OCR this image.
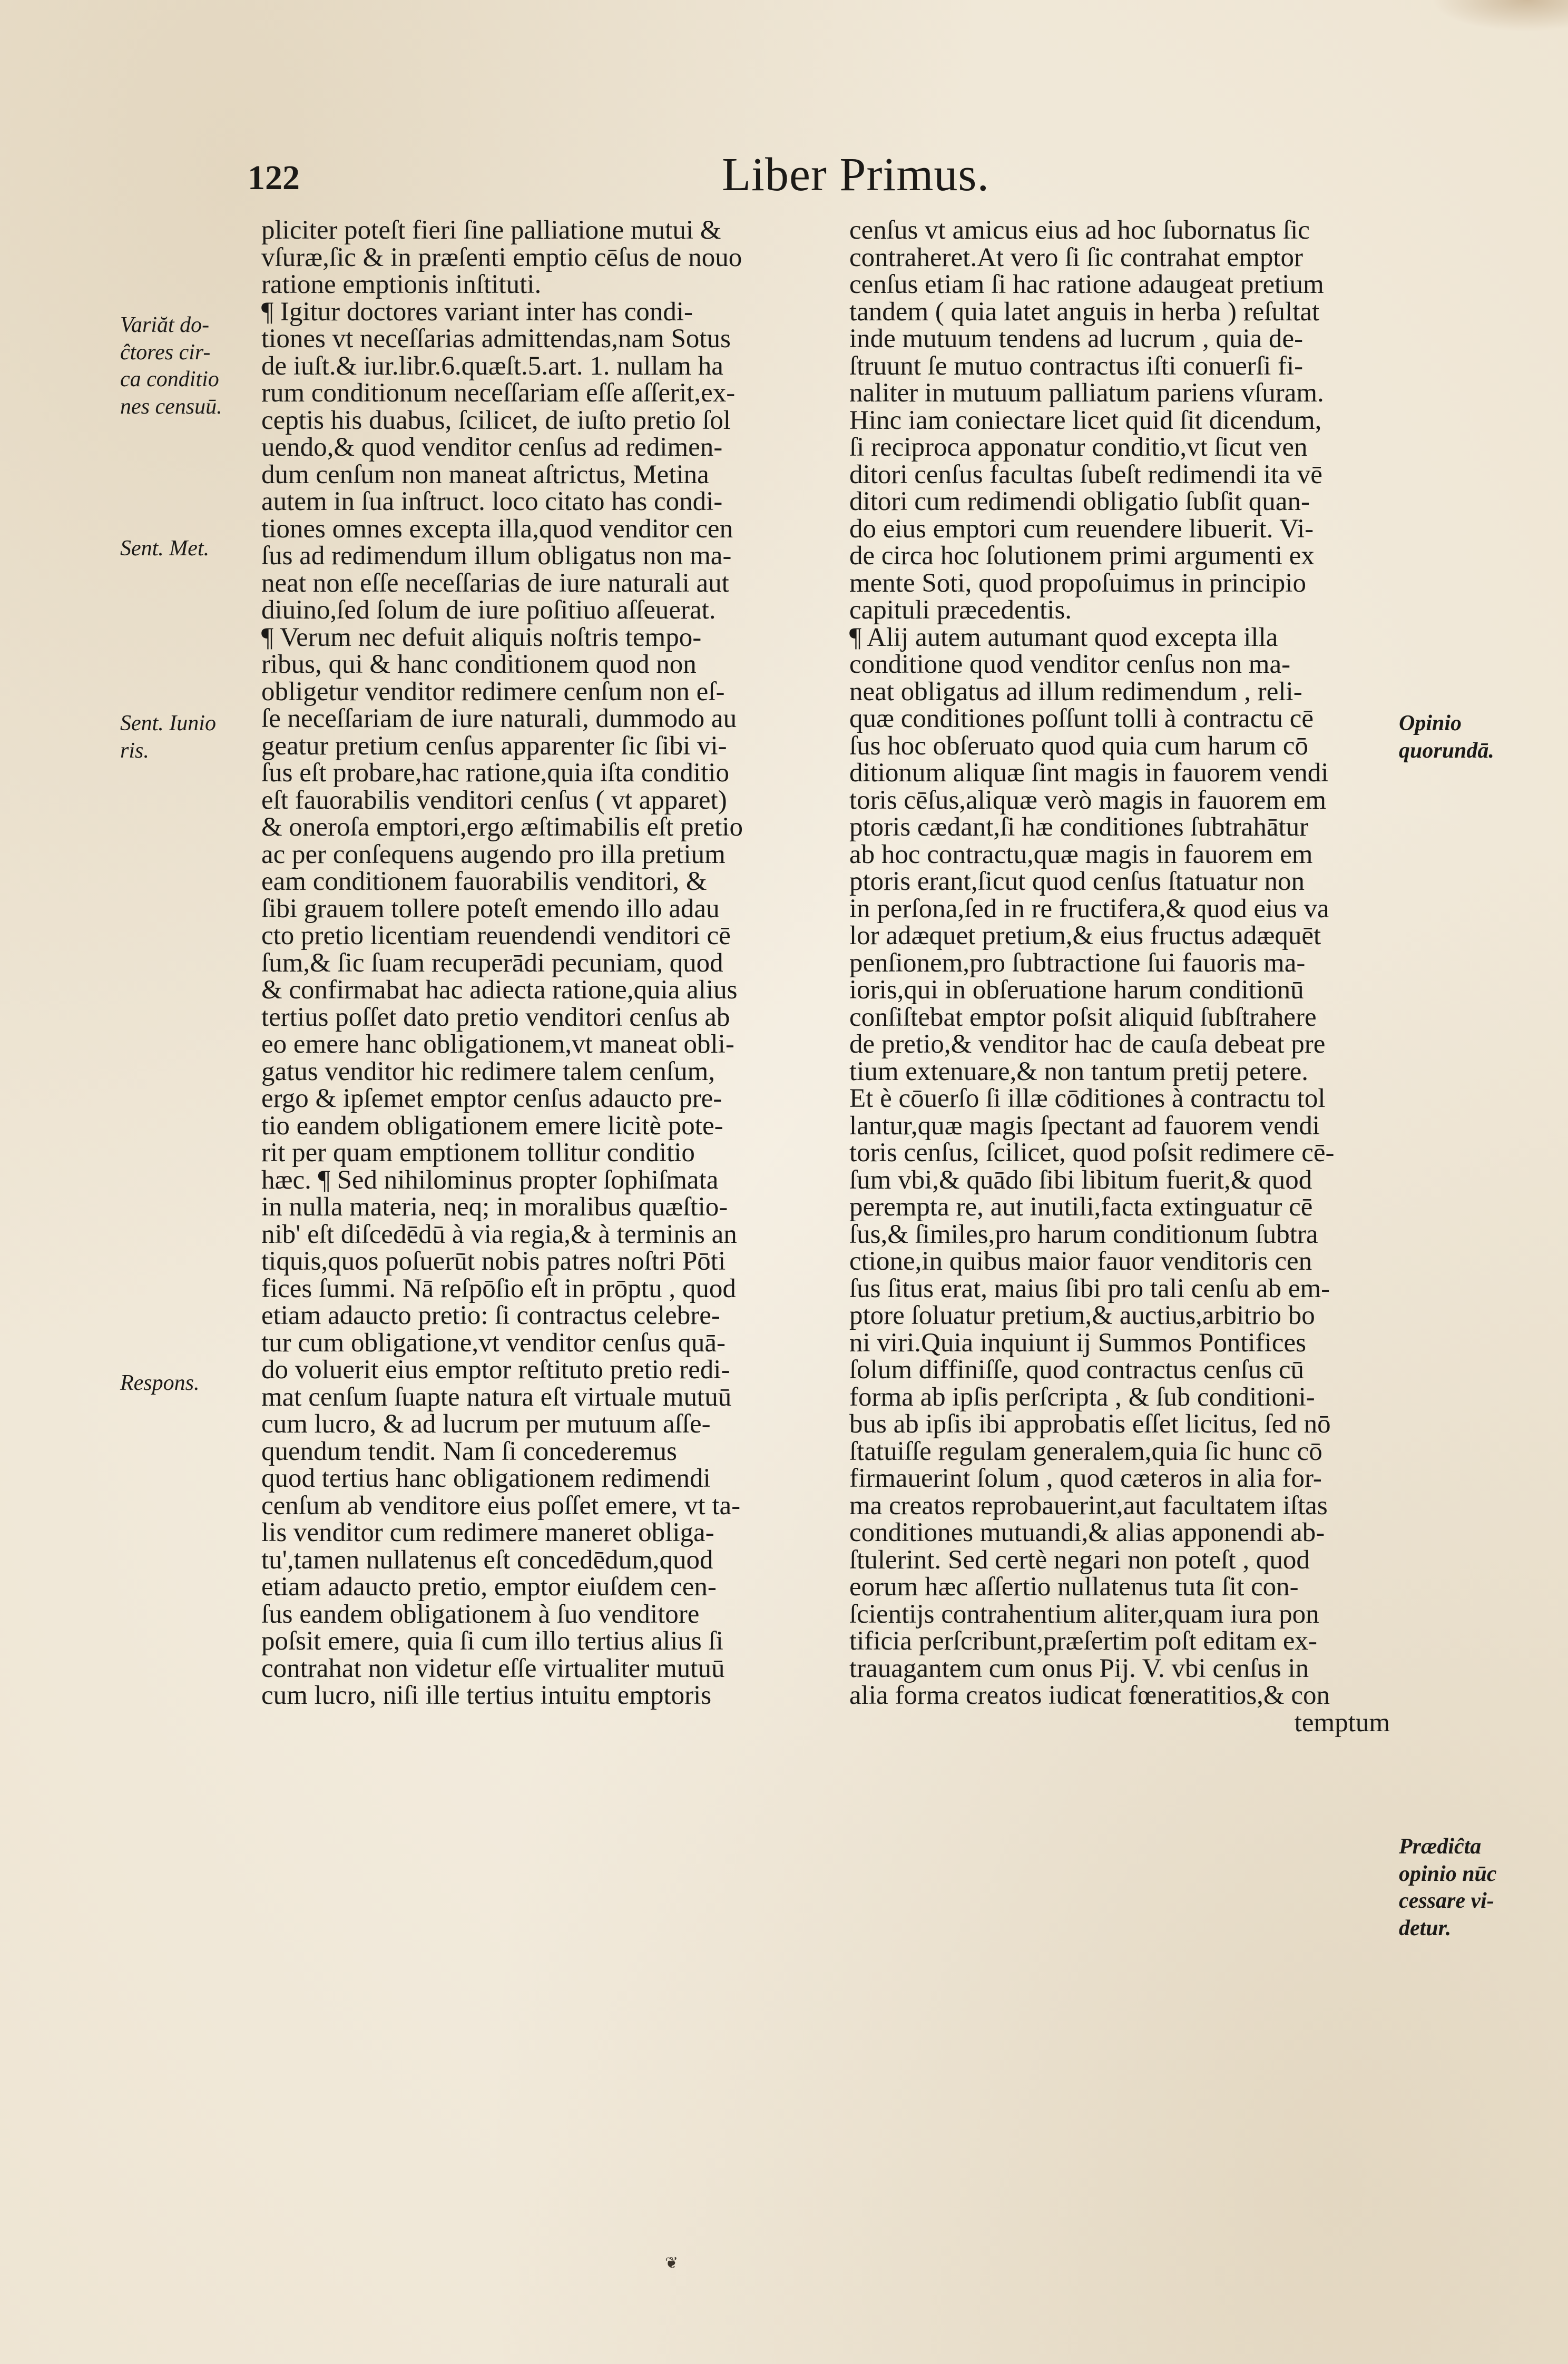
122	Liber Primus.
pliciter poteſt fieri ſine palliatione mutui &
vſuræ,ſic & in præſenti emptio cēſus de nouo
ratione emptionis inſtituti.
¶ Igitur doctores variant inter has condi-
tiones vt neceſſarias admittendas,nam Sotus
de iuſt.& iur.libr.6.quæſt.5.art. 1. nullam ha
rum conditionum neceſſariam eſſe aſſerit,ex-
ceptis his duabus, ſcilicet, de iuſto pretio ſol
uendo,& quod venditor cenſus ad redimen-
dum cenſum non maneat aſtrictus, Metina
autem in ſua inſtruct. loco citato has condi-
tiones omnes excepta illa,quod venditor cen
ſus ad redimendum illum obligatus non ma-
neat non eſſe neceſſarias de iure naturali aut
diuino,ſed ſolum de iure poſitiuo aſſeuerat.
¶ Verum nec defuit aliquis noſtris tempo-
ribus, qui & hanc conditionem quod non
obligetur venditor redimere cenſum non eſ-
ſe neceſſariam de iure naturali, dummodo au
geatur pretium cenſus apparenter ſic ſibi vi-
ſus eſt probare,hac ratione,quia iſta conditio
eſt fauorabilis venditori cenſus ( vt apparet)
& oneroſa emptori,ergo æſtimabilis eſt pretio
ac per conſequens augendo pro illa pretium
eam conditionem fauorabilis venditori, &
ſibi grauem tollere poteſt emendo illo adau
cto pretio licentiam reuendendi venditori cē
ſum,& ſic ſuam recuperādi pecuniam, quod
& confirmabat hac adiecta ratione,quia alius
tertius poſſet dato pretio venditori cenſus ab
eo emere hanc obligationem,vt maneat obli-
gatus venditor hic redimere talem cenſum,
ergo & ipſemet emptor cenſus adaucto pre-
tio eandem obligationem emere licitè pote-
rit per quam emptionem tollitur conditio
hæc. ¶ Sed nihilominus propter ſophiſmata
in nulla materia, neq; in moralibus quæſtio-
nib' eſt diſcedēdū à via regia,& à terminis an
tiquis,quos poſuerūt nobis patres noſtri Pōti
fices ſummi. Nā reſpōſio eſt in prōptu , quod
etiam adaucto pretio: ſi contractus celebre-
tur cum obligatione,vt venditor cenſus quā-
do voluerit eius emptor reſtituto pretio redi-
mat cenſum ſuapte natura eſt virtuale mutuū
cum lucro, & ad lucrum per mutuum aſſe-
quendum tendit. Nam ſi concederemus
quod tertius hanc obligationem redimendi
cenſum ab venditore eius poſſet emere, vt ta-
lis venditor cum redimere maneret obliga-
tu',tamen nullatenus eſt concedēdum,quod
etiam adaucto pretio, emptor eiuſdem cen-
ſus eandem obligationem à ſuo venditore
poſsit emere, quia ſi cum illo tertius alius ſi
contrahat non videtur eſſe virtualiter mutuū
cum lucro, niſi ille tertius intuitu emptoris
cenſus vt amicus eius ad hoc ſubornatus ſic
contraheret.At vero ſi ſic contrahat emptor
cenſus etiam ſi hac ratione adaugeat pretium
tandem ( quia latet anguis in herba ) reſultat
inde mutuum tendens ad lucrum , quia de-
ſtruunt ſe mutuo contractus iſti conuerſi fi-
naliter in mutuum palliatum pariens vſuram.
Hinc iam coniectare licet quid ſit dicendum,
ſi reciproca apponatur conditio,vt ſicut ven
ditori cenſus facultas ſubeſt redimendi ita vē
ditori cum redimendi obligatio ſubſit quan-
do eius emptori cum reuendere libuerit. Vi-
de circa hoc ſolutionem primi argumenti ex
mente Soti, quod propoſuimus in principio
capituli præcedentis.
¶ Alij autem autumant quod excepta illa
conditione quod venditor cenſus non ma-
neat obligatus ad illum redimendum , reli-
quæ conditiones poſſunt tolli à contractu cē
ſus hoc obſeruato quod quia cum harum cō
ditionum aliquæ ſint magis in fauorem vendi
toris cēſus,aliquæ verò magis in fauorem em
ptoris cædant,ſi hæ conditiones ſubtrahātur
ab hoc contractu,quæ magis in fauorem em
ptoris erant,ſicut quod cenſus ſtatuatur non
in perſona,ſed in re fructifera,& quod eius va
lor adæquet pretium,& eius fructus adæquēt
penſionem,pro ſubtractione ſui fauoris ma-
ioris,qui in obſeruatione harum conditionū
conſiſtebat emptor poſsit aliquid ſubſtrahere
de pretio,& venditor hac de cauſa debeat pre
tium extenuare,& non tantum pretij petere.
Et è cōuerſo ſi illæ cōditiones à contractu tol
lantur,quæ magis ſpectant ad fauorem vendi
toris cenſus, ſcilicet, quod poſsit redimere cē-
ſum vbi,& quādo ſibi libitum fuerit,& quod
perempta re, aut inutili,facta extinguatur cē
ſus,& ſimiles,pro harum conditionum ſubtra
ctione,in quibus maior fauor venditoris cen
ſus ſitus erat, maius ſibi pro tali cenſu ab em-
ptore ſoluatur pretium,& auctius,arbitrio bo
ni viri.Quia inquiunt ij Summos Pontifices
ſolum diffiniſſe, quod contractus cenſus cū
forma ab ipſis perſcripta , & ſub conditioni-
bus ab ipſis ibi approbatis eſſet licitus, ſed nō
ſtatuiſſe regulam generalem,quia ſic hunc cō
firmauerint ſolum , quod cæteros in alia for-
ma creatos reprobauerint,aut facultatem iſtas
conditiones mutuandi,& alias apponendi ab-
ſtulerint. Sed certè negari non poteſt , quod
eorum hæc aſſertio nullatenus tuta ſit con-
ſcientijs contrahentium aliter,quam iura pon
tificia perſcribunt,præſertim poſt editam ex-
trauagantem cum onus Pij. V. vbi cenſus in
alia forma creatos iudicat fœneratitios,& con
temptum
Variăt do-
ĉtores cir-
ca conditio
nes censuū.
Sent. Met.
Sent. Iunio
ris.
Respons.
Opinio
quorundā.
Prædiĉta
opinio nūc
cessare vi-
detur.
❦
